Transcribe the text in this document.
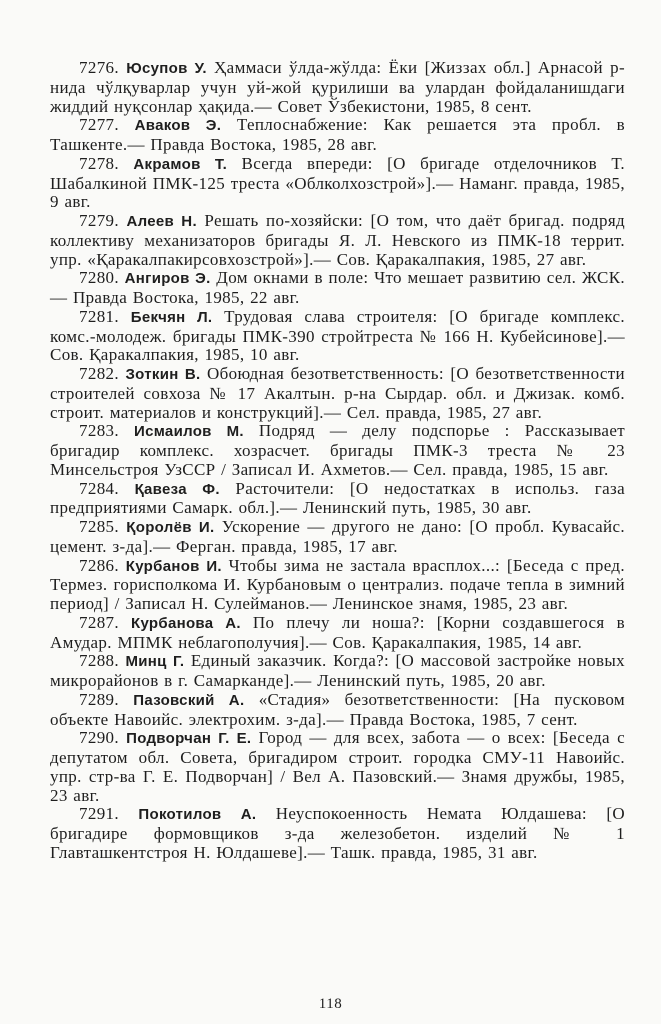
7276. Юсупов У. Ҳаммаси ўлда-жўлда: Ёки [Жиззах обл.] Арнасой р-нида чўлқуварлар учун уй-жой қурилиши ва улардан фойдаланишдаги жиддий нуқсонлар ҳақида.— Совет Ўзбекистони, 1985, 8 сент.

7277. Аваков Э. Теплоснабжение: Как решается эта пробл. в Ташкенте.— Правда Востока, 1985, 28 авг.

7278. Акрамов Т. Всегда впереди: [О бригаде отделочников Т. Шабалкиной ПМК-125 треста «Облколхозстрой»].— Наманг. правда, 1985, 9 авг.

7279. Алеев Н. Решать по-хозяйски: [О том, что даёт бригад. подряд коллективу механизаторов бригады Я. Л. Невского из ПМК-18 террит. упр. «Қаракалпакирсовхозстрой»].— Сов. Қаракалпакия, 1985, 27 авг.

7280. Ангиров Э. Дом окнами в поле: Что мешает развитию сел. ЖСК.— Правда Востока, 1985, 22 авг.

7281. Бекчян Л. Трудовая слава строителя: [О бригаде комплекс. комс.-молодеж. бригады ПМК-390 стройтреста № 166 Н. Кубейсинове].— Сов. Қаракалпакия, 1985, 10 авг.

7282. Зоткин В. Обоюдная безответственность: [О безответственности строителей совхоза № 17 Акалтын. р-на Сырдар. обл. и Джизак. комб. строит. материалов и конструкций].— Сел. правда, 1985, 27 авг.

7283. Исмаилов М. Подряд — делу подспорье : Рассказывает бригадир комплекс. хозрасчет. бригады ПМК-3 треста № 23 Минсельстроя УзССР / Записал И. Ахметов.— Сел. правда, 1985, 15 авг.

7284. Қавеза Ф. Расточители: [О недостатках в использ. газа предприятиями Самарк. обл.].— Ленинский путь, 1985, 30 авг.

7285. Қоролёв И. Ускорение — другого не дано: [О пробл. Кувасайс. цемент. з-да].— Ферган. правда, 1985, 17 авг.

7286. Курбанов И. Чтобы зима не застала врасплох...: [Беседа с пред. Термез. горисполкома И. Курбановым о централиз. подаче тепла в зимний период] / Записал Н. Сулейманов.— Ленинское знамя, 1985, 23 авг.

7287. Курбанова А. По плечу ли ноша?: [Корни создавшегося в Амудар. МПМК неблагополучия].— Сов. Қаракалпакия, 1985, 14 авг.

7288. Минц Г. Единый заказчик. Когда?: [О массовой застройке новых микрорайонов в г. Самарканде].— Ленинский путь, 1985, 20 авг.

7289. Пазовский А. «Стадия» безответственности: [На пусковом объекте Навоийс. электрохим. з-да].— Правда Востока, 1985, 7 сент.

7290. Подворчан Г. Е. Город — для всех, забота — о всех: [Беседа с депутатом обл. Совета, бригадиром строит. городка СМУ-11 Навоийс. упр. стр-ва Г. Е. Подворчан] / Вел А. Пазовский.— Знамя дружбы, 1985, 23 авг.

7291. Покотилов А. Неуспокоенность Немата Юлдашева: [О бригадире формовщиков з-да железобетон. изделий № 1 Главташкентстроя Н. Юлдашеве].— Ташк. правда, 1985, 31 авг.

118
